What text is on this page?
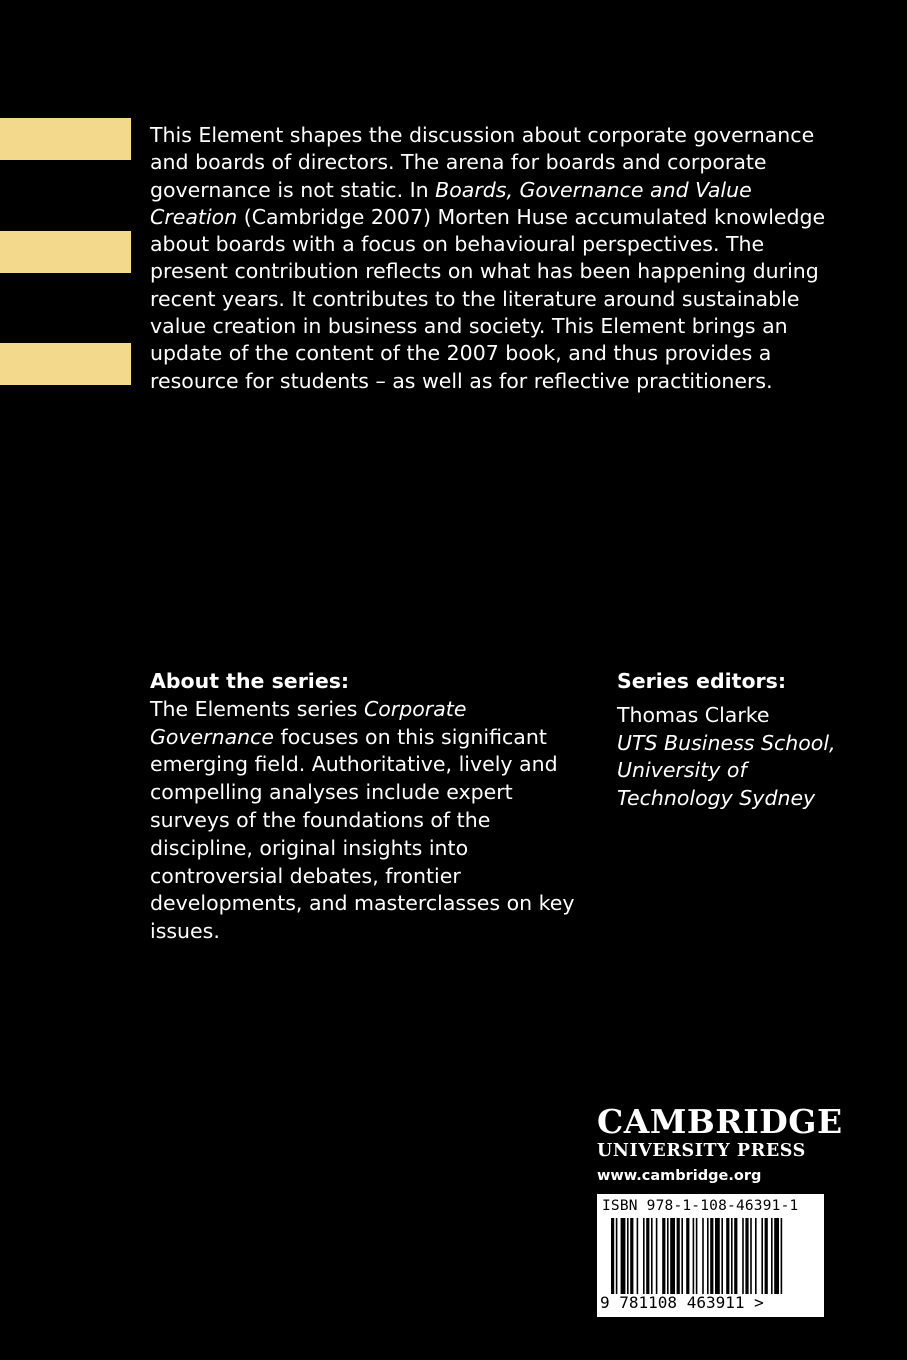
This Element shapes the discussion about corporate governance and boards of directors. The arena for boards and corporate governance is not static. In Boards, Governance and Value Creation (Cambridge 2007) Morten Huse accumulated knowledge about boards with a focus on behavioural perspectives. The present contribution reflects on what has been happening during recent years. It contributes to the literature around sustainable value creation in business and society. This Element brings an update of the content of the 2007 book, and thus provides a resource for students – as well as for reflective practitioners.

About the series:

The Elements series Corporate Governance focuses on this significant emerging field. Authoritative, lively and compelling analyses include expert surveys of the foundations of the discipline, original insights into controversial debates, frontier developments, and masterclasses on key issues.

Series editors:

Thomas Clarke

UTS Business School, University of Technology Sydney

CAMBRIDGE
UNIVERSITY PRESS
www.cambridge.org
ISBN 978-1-108-46391-1
9 781108 463911 >
